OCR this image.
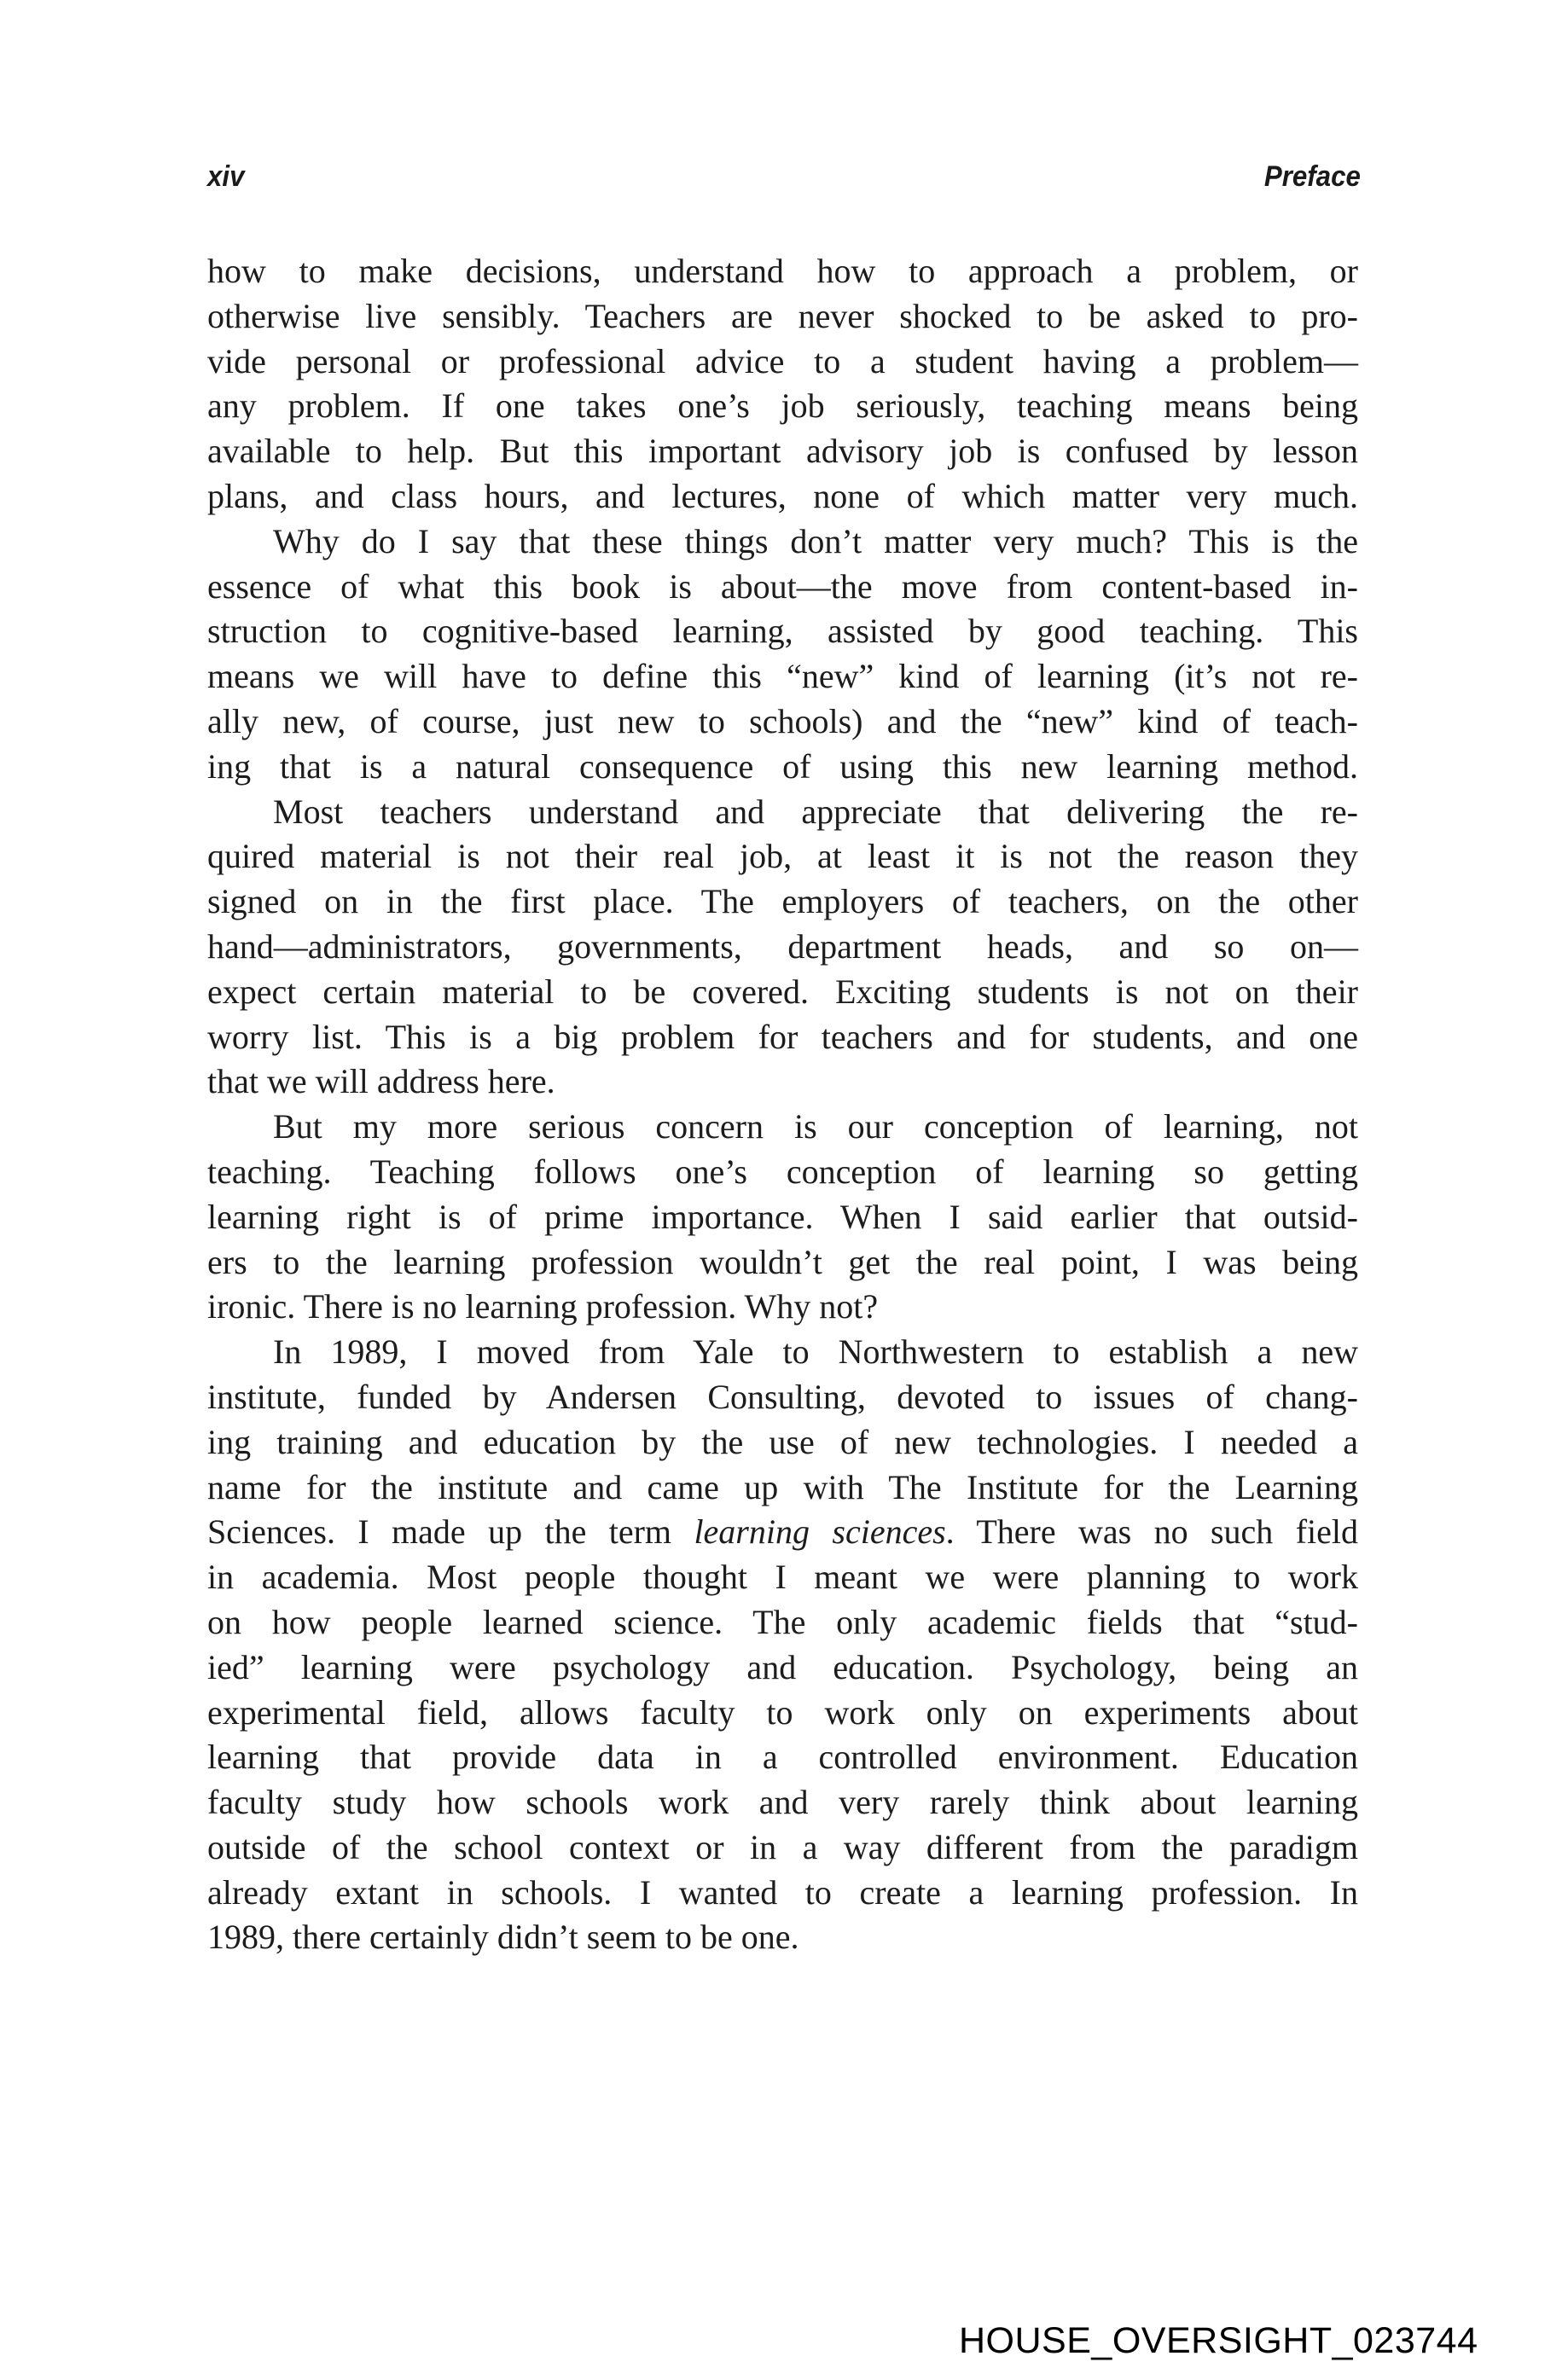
xiv	Preface
how to make decisions, understand how to approach a problem, or
otherwise live sensibly. Teachers are never shocked to be asked to pro-
vide personal or professional advice to a student having a problem—
any problem. If one takes one’s job seriously, teaching means being
available to help. But this important advisory job is confused by lesson
plans, and class hours, and lectures, none of which matter very much.
Why do I say that these things don’t matter very much? This is the
essence of what this book is about—the move from content-based in-
struction to cognitive-based learning, assisted by good teaching. This
means we will have to define this “new” kind of learning (it’s not re-
ally new, of course, just new to schools) and the “new” kind of teach-
ing that is a natural consequence of using this new learning method.
Most teachers understand and appreciate that delivering the re-
quired material is not their real job, at least it is not the reason they
signed on in the first place. The employers of teachers, on the other
hand—administrators, governments, department heads, and so on—
expect certain material to be covered. Exciting students is not on their
worry list. This is a big problem for teachers and for students, and one
that we will address here.
But my more serious concern is our conception of learning, not
teaching. Teaching follows one’s conception of learning so getting
learning right is of prime importance. When I said earlier that outsid-
ers to the learning profession wouldn’t get the real point, I was being
ironic. There is no learning profession. Why not?
In 1989, I moved from Yale to Northwestern to establish a new
institute, funded by Andersen Consulting, devoted to issues of chang-
ing training and education by the use of new technologies. I needed a
name for the institute and came up with The Institute for the Learning
Sciences. I made up the term learning sciences. There was no such field
in academia. Most people thought I meant we were planning to work
on how people learned science. The only academic fields that “stud-
ied” learning were psychology and education. Psychology, being an
experimental field, allows faculty to work only on experiments about
learning that provide data in a controlled environment. Education
faculty study how schools work and very rarely think about learning
outside of the school context or in a way different from the paradigm
already extant in schools. I wanted to create a learning profession. In
1989, there certainly didn’t seem to be one.
HOUSE_OVERSIGHT_023744
